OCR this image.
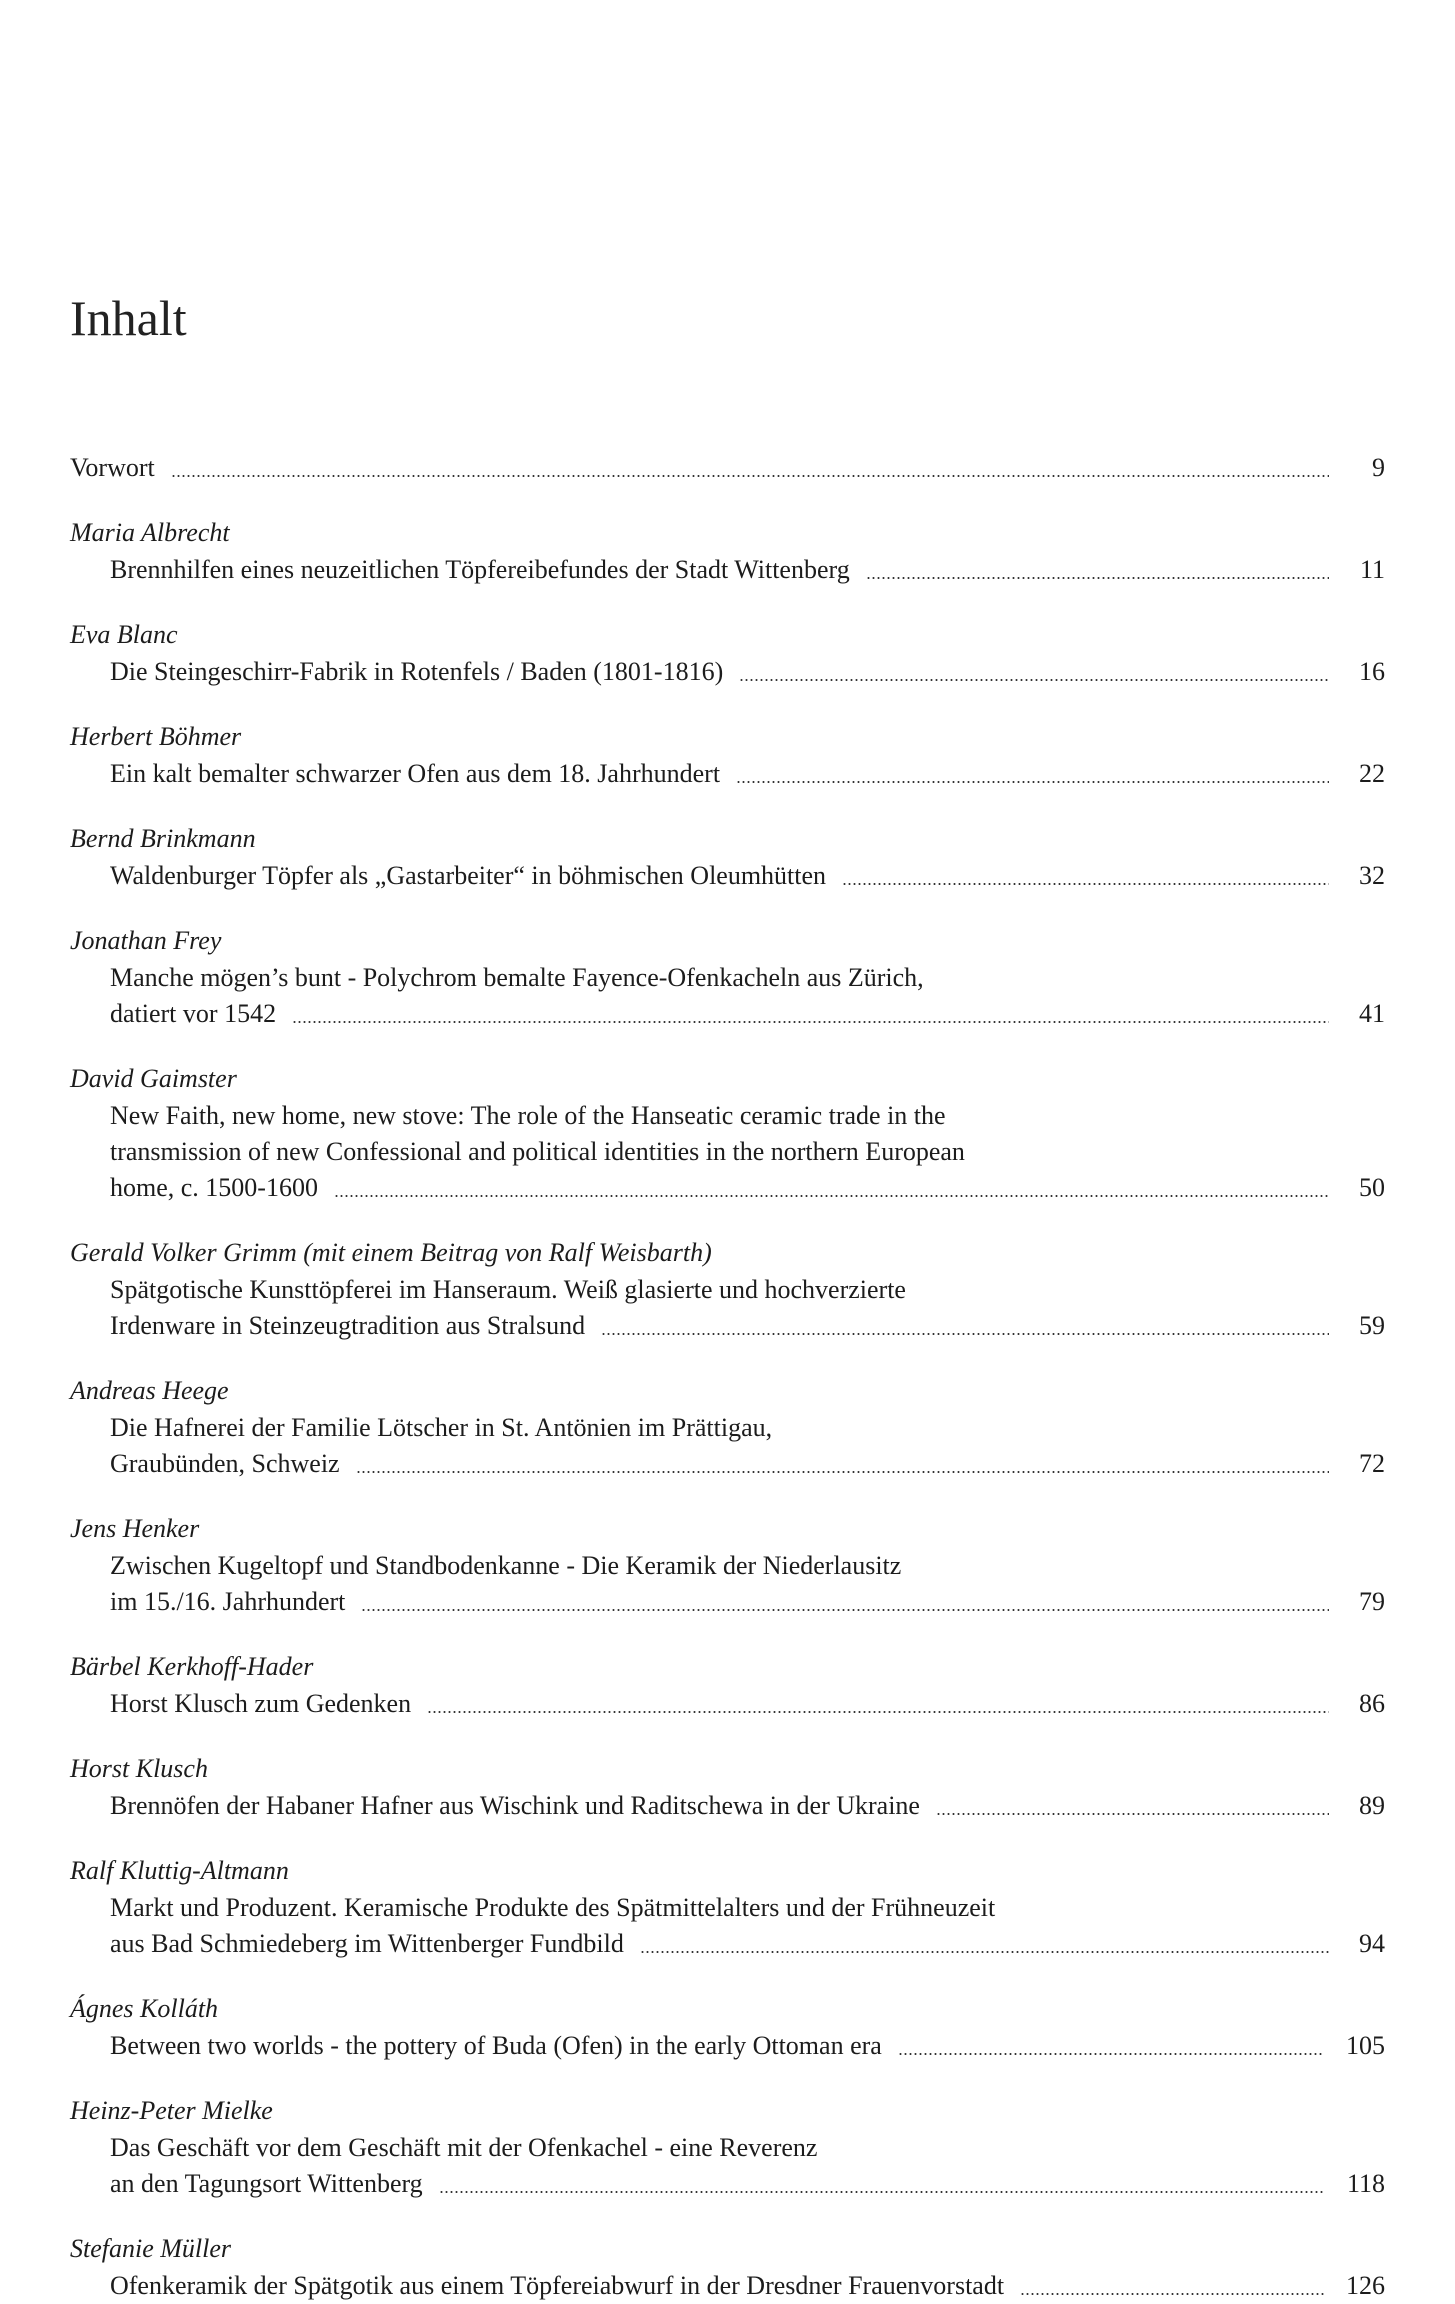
Inhalt
Vorwort	9
Maria Albrecht
Brennhilfen eines neuzeitlichen Töpfereibefundes der Stadt Wittenberg	11
Eva Blanc
Die Steingeschirr-Fabrik in Rotenfels / Baden (1801-1816)	16
Herbert Böhmer
Ein kalt bemalter schwarzer Ofen aus dem 18. Jahrhundert	22
Bernd Brinkmann
Waldenburger Töpfer als „Gastarbeiter“ in böhmischen Oleumhütten	32
Jonathan Frey
Manche mögen’s bunt - Polychrom bemalte Fayence-Ofenkacheln aus Zürich,
datiert vor 1542	41
David Gaimster
New Faith, new home, new stove: The role of the Hanseatic ceramic trade in the
transmission of new Confessional and political identities in the northern European
home, c. 1500-1600	50
Gerald Volker Grimm (mit einem Beitrag von Ralf Weisbarth)
Spätgotische Kunsttöpferei im Hanseraum. Weiß glasierte und hochverzierte
Irdenware in Steinzeugtradition aus Stralsund	59
Andreas Heege
Die Hafnerei der Familie Lötscher in St. Antönien im Prättigau,
Graubünden, Schweiz	72
Jens Henker
Zwischen Kugeltopf und Standbodenkanne - Die Keramik der Niederlausitz
im 15./16. Jahrhundert	79
Bärbel Kerkhoff-Hader
Horst Klusch zum Gedenken	86
Horst Klusch
Brennöfen der Habaner Hafner aus Wischink und Raditschewa in der Ukraine	89
Ralf Kluttig-Altmann
Markt und Produzent. Keramische Produkte des Spätmittelalters und der Frühneuzeit
aus Bad Schmiedeberg im Wittenberger Fundbild	94
Ágnes Kolláth
Between two worlds - the pottery of Buda (Ofen) in the early Ottoman era	105
Heinz-Peter Mielke
Das Geschäft vor dem Geschäft mit der Ofenkachel - eine Reverenz
an den Tagungsort Wittenberg	118
Stefanie Müller
Ofenkeramik der Spätgotik aus einem Töpfereiabwurf in der Dresdner Frauenvorstadt	126
